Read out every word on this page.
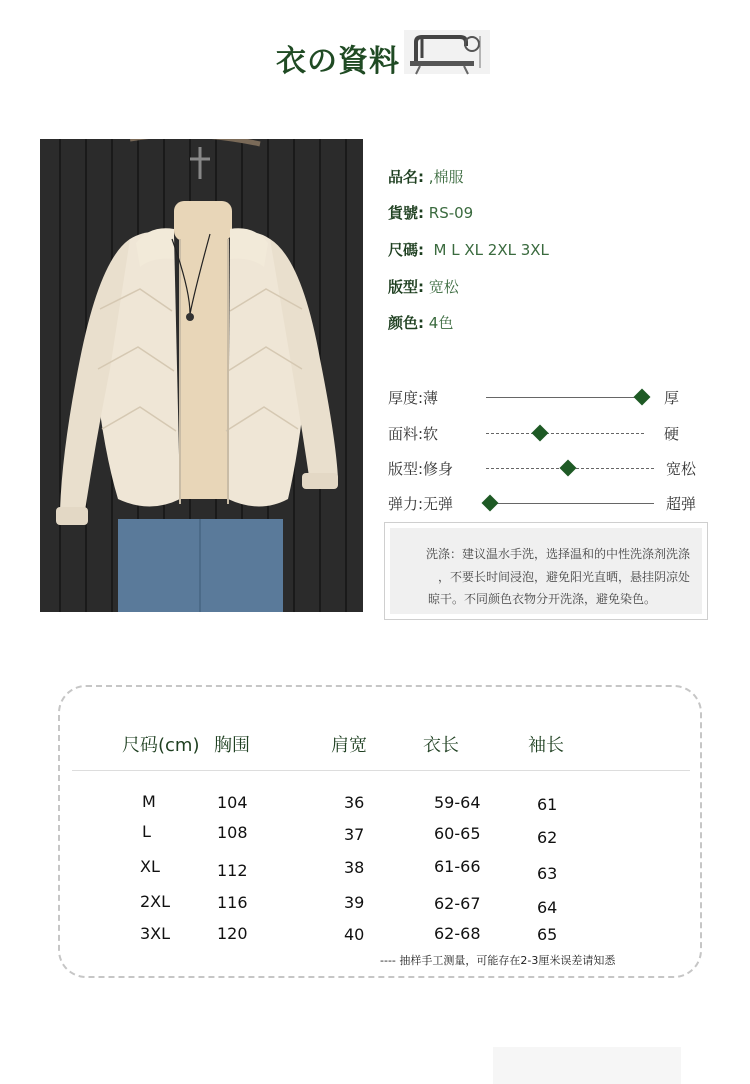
衣の資料
品名: ,棉服
貨號: RS-09
尺碼:  M L XL 2XL 3XL
版型: 宽松
颜色: 4色
厚度:薄	厚
面料:软	硬
版型:修身	宽松
弹力:无弹	超弹
洗涤：建议温水手洗，选择温和的中性洗涤剂洗涤
，不要长时间浸泡，避免阳光直晒，悬挂阴凉处
晾干。不同颜色衣物分开洗涤，避免染色。
尺码(cm) 胸围	肩宽	衣长	袖长
M	104	36	59-64	61
L	108	37	60-65	62
XL	112	38	61-66	63
2XL	116	39	62-67	64
3XL	120	40	62-68	65
---- 抽样手工测量，可能存在2-3厘米误差请知悉
